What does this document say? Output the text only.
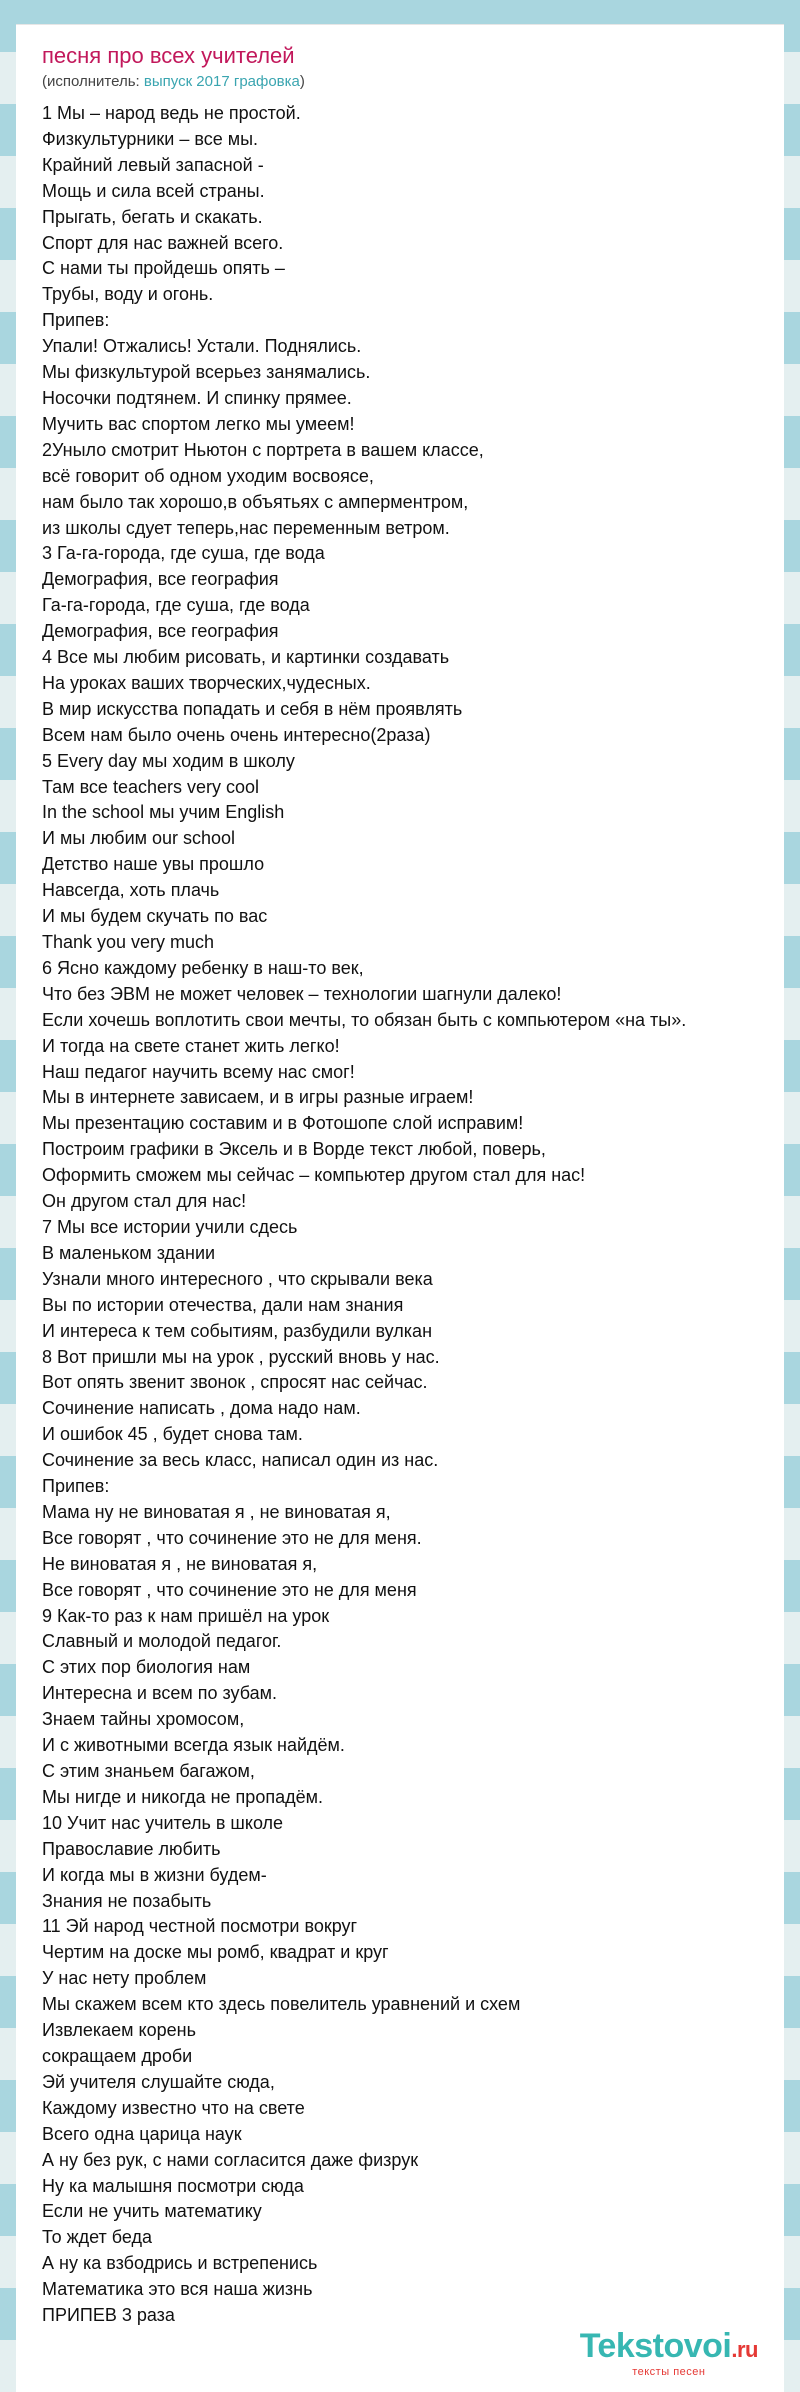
песня про всех учителей
(исполнитель: выпуск 2017 графовка)
1 Мы – народ ведь не простой.
Физкультурники – все мы.
Крайний левый запасной -
Мощь и сила всей страны.
Прыгать, бегать и скакать.
Спорт для нас важней всего.
С нами ты пройдешь опять –
Трубы, воду и огонь.
Припев:
Упали! Отжались! Устали. Поднялись.
Мы физкультурой всерьез занямались.
Носочки подтянем. И спинку прямее.
Мучить вас спортом легко мы умеем!
2Уныло смотрит Ньютон с портрета в вашем классе,
всё говорит об одном уходим восвоясе,
нам было так хорошо,в объятьях с амперментром,
из школы сдует теперь,нас переменным ветром.
3 Га-га-города, где суша, где вода
Демография, все география
Га-га-города, где суша, где вода
Демография, все география
4 Все мы любим рисовать, и картинки создавать
На уроках ваших творческих,чудесных.
В мир искусства попадать и себя в нём проявлять
Всем нам было очень очень интересно(2раза)
5 Every day мы ходим в школу
Там все teachers very cool
In the school мы учим English
И мы любим our school
Детство наше увы прошло
Навсегда, хоть плачь
И мы будем скучать по вас
Thank you very much
6 Ясно каждому ребенку в наш-то век,
Что без ЭВМ не может человек – технологии шагнули далеко!
Если хочешь воплотить свои мечты, то обязан быть с компьютером «на ты».
И тогда на свете станет жить легко!
Наш педагог научить всему нас смог!
Мы в интернете зависаем, и в игры разные играем!
Мы презентацию составим и в Фотошопе слой исправим!
Построим графики в Эксель и в Ворде текст любой, поверь,
Оформить сможем мы сейчас – компьютер другом стал для нас!
Он другом стал для нас!
7 Мы все истории учили сдесь
В маленьком здании
Узнали много интересного , что скрывали века
Вы по истории отечества, дали нам знания
И интереса к тем событиям, разбудили вулкан
8 Вот пришли мы на урок , русский вновь у нас.
Вот опять звенит звонок , спросят нас сейчас.
Сочинение написать , дома надо нам.
И ошибок 45 , будет снова там.
Сочинение за весь класс, написал один из нас.
Припев:
Мама ну не виноватая я , не виноватая я,
Все говорят , что сочинение это не для меня.
Не виноватая я , не виноватая я,
Все говорят , что сочинение это не для меня
9 Как-то раз к нам пришёл на урок
Славный и молодой педагог.
С этих пор биология нам
Интересна и всем по зубам.
Знаем тайны хромосом,
И с животными всегда язык найдём.
С этим знаньем багажом,
Мы нигде и никогда не пропадём.
10 Учит нас учитель в школе
Православие любить
И когда мы в жизни будем-
Знания не позабыть
11 Эй народ честной посмотри вокруг
Чертим на доске мы ромб, квадрат и круг
У нас нету проблем
Мы скажем всем кто здесь повелитель уравнений и схем
Извлекаем корень
сокращаем дроби
Эй учителя слушайте сюда,
Каждому известно что на свете
Всего одна царица наук
А ну без рук, с нами согласится даже физрук
Ну ка малышня посмотри сюда
Если не учить математику
То ждет беда
А ну ка взбодрись и встрепенись
Математика это вся наша жизнь
ПРИПЕВ 3 раза
Tekstovoi.ru
тексты песен
